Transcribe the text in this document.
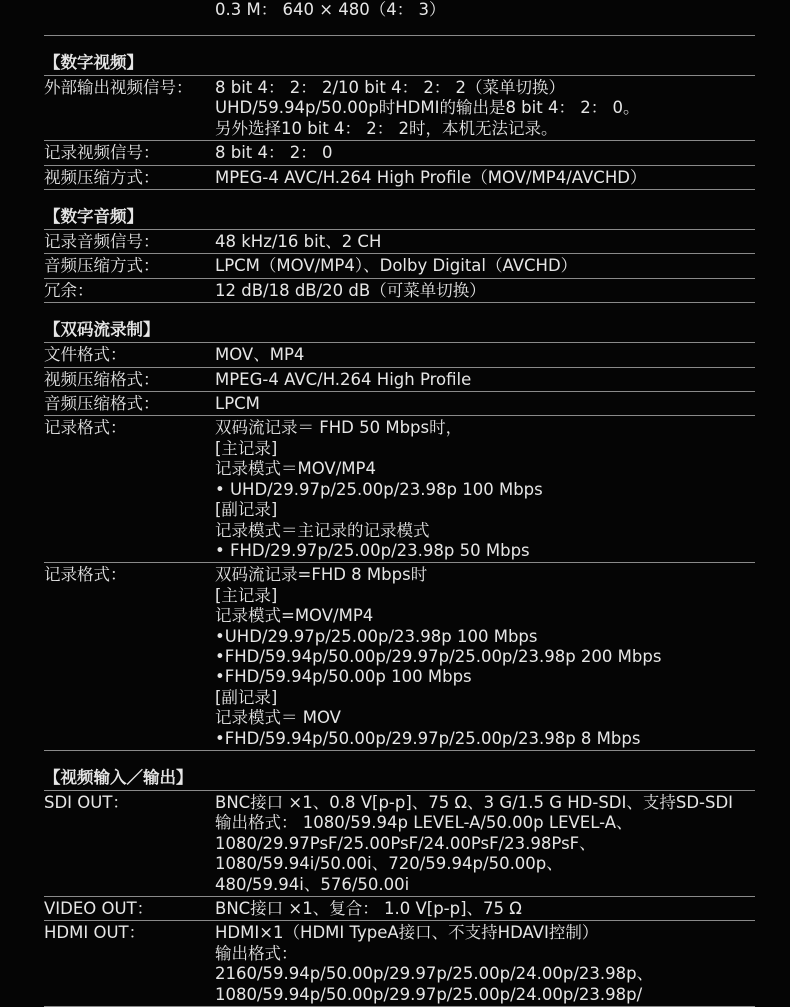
0.3 M： 640 × 480（4： 3）
【数字视频】
外部输出视频信号：	8 bit 4： 2： 2/10 bit 4： 2： 2（菜单切换）
UHD/59.94p/50.00p时HDMI的输出是8 bit 4： 2： 0。
另外选择10 bit 4： 2： 2时，本机无法记录。
记录视频信号：	8 bit 4： 2： 0
视频压缩方式：	MPEG-4 AVC/H.264 High Profile（MOV/MP4/AVCHD）
【数字音频】
记录音频信号：	48 kHz/16 bit、2 CH
音频压缩方式：	LPCM（MOV/MP4）、Dolby Digital（AVCHD）
冗余：	12 dB/18 dB/20 dB（可菜单切换）
【双码流录制】
文件格式：	MOV、MP4
视频压缩格式：	MPEG-4 AVC/H.264 High Profile
音频压缩格式：	LPCM
记录格式：	双码流记录＝ FHD 50 Mbps时，
[主记录]
记录模式＝MOV/MP4
• UHD/29.97p/25.00p/23.98p 100 Mbps
[副记录]
记录模式＝主记录的记录模式
• FHD/29.97p/25.00p/23.98p 50 Mbps
记录格式：	双码流记录=FHD 8 Mbps时
[主记录]
记录模式=MOV/MP4
•UHD/29.97p/25.00p/23.98p 100 Mbps
•FHD/59.94p/50.00p/29.97p/25.00p/23.98p 200 Mbps
•FHD/59.94p/50.00p 100 Mbps
[副记录]
记录模式＝ MOV
•FHD/59.94p/50.00p/29.97p/25.00p/23.98p 8 Mbps
【视频输入／输出】
SDI OUT：	BNC接口 ×1、0.8 V[p-p]、75 Ω、3 G/1.5 G HD-SDI、支持SD-SDI
输出格式： 1080/59.94p LEVEL-A/50.00p LEVEL-A、
1080/29.97PsF/25.00PsF/24.00PsF/23.98PsF、
1080/59.94i/50.00i、720/59.94p/50.00p、
480/59.94i、576/50.00i
VIDEO OUT：	BNC接口 ×1、复合： 1.0 V[p-p]、75 Ω
HDMI OUT：	HDMI×1（HDMI TypeA接口、不支持HDAVI控制）
输出格式：
2160/59.94p/50.00p/29.97p/25.00p/24.00p/23.98p、
1080/59.94p/50.00p/29.97p/25.00p/24.00p/23.98p/
